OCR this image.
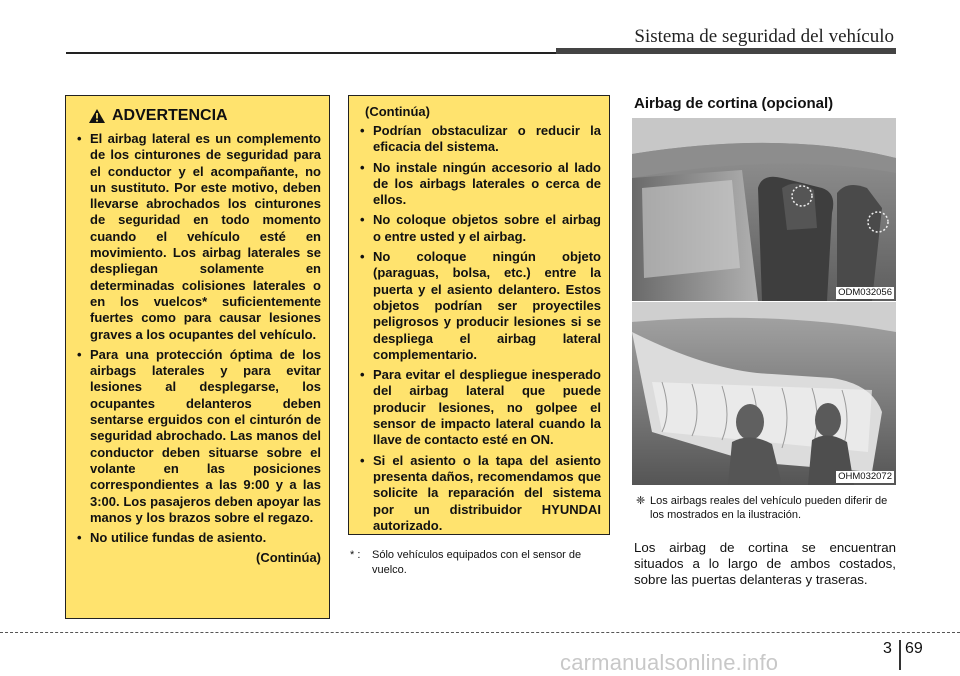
Sistema de seguridad del vehículo
ADVERTENCIA
• El airbag lateral es un complemento de los cinturones de seguridad para el conductor y el acompañante, no un sustituto. Por este motivo, deben llevarse abrochados los cinturones de seguridad en todo momento cuando el vehículo esté en movimiento. Los airbag laterales se despliegan solamente en determinadas colisiones laterales o en los vuelcos* suficientemente fuertes como para causar lesiones graves a los ocupantes del vehículo.
• Para una protección óptima de los airbags laterales y para evitar lesiones al desplegarse, los ocupantes delanteros deben sentarse erguidos con el cinturón de seguridad abrochado. Las manos del conductor deben situarse sobre el volante en las posiciones correspondientes a las 9:00 y a las 3:00. Los pasajeros deben apoyar las manos y los brazos sobre el regazo.
• No utilice fundas de asiento.
(Continúa)
(Continúa)
• Podrían obstaculizar o reducir la eficacia del sistema.
• No instale ningún accesorio al lado de los airbags laterales o cerca de ellos.
• No coloque objetos sobre el airbag o entre usted y el airbag.
• No coloque ningún objeto (paraguas, bolsa, etc.) entre la puerta y el asiento delantero. Estos objetos podrían ser proyectiles peligrosos y producir lesiones si se despliega el airbag lateral complementario.
• Para evitar el despliegue inesperado del airbag lateral que puede producir lesiones, no golpee el sensor de impacto lateral cuando la llave de contacto esté en ON.
• Si el asiento o la tapa del asiento presenta daños, recomendamos que solicite la reparación del sistema por un distribuidor HYUNDAI autorizado.
* :	Sólo vehículos equipados con el sensor de vuelco.
Airbag de cortina (opcional)
ODM032056
OHM032072
❈ Los airbags reales del vehículo pueden diferir de los mostrados en la ilustración.
Los airbag de cortina se encuentran situados a lo largo de ambos costados, sobre las puertas delanteras y traseras.
3 69
carmanualsonline.info
